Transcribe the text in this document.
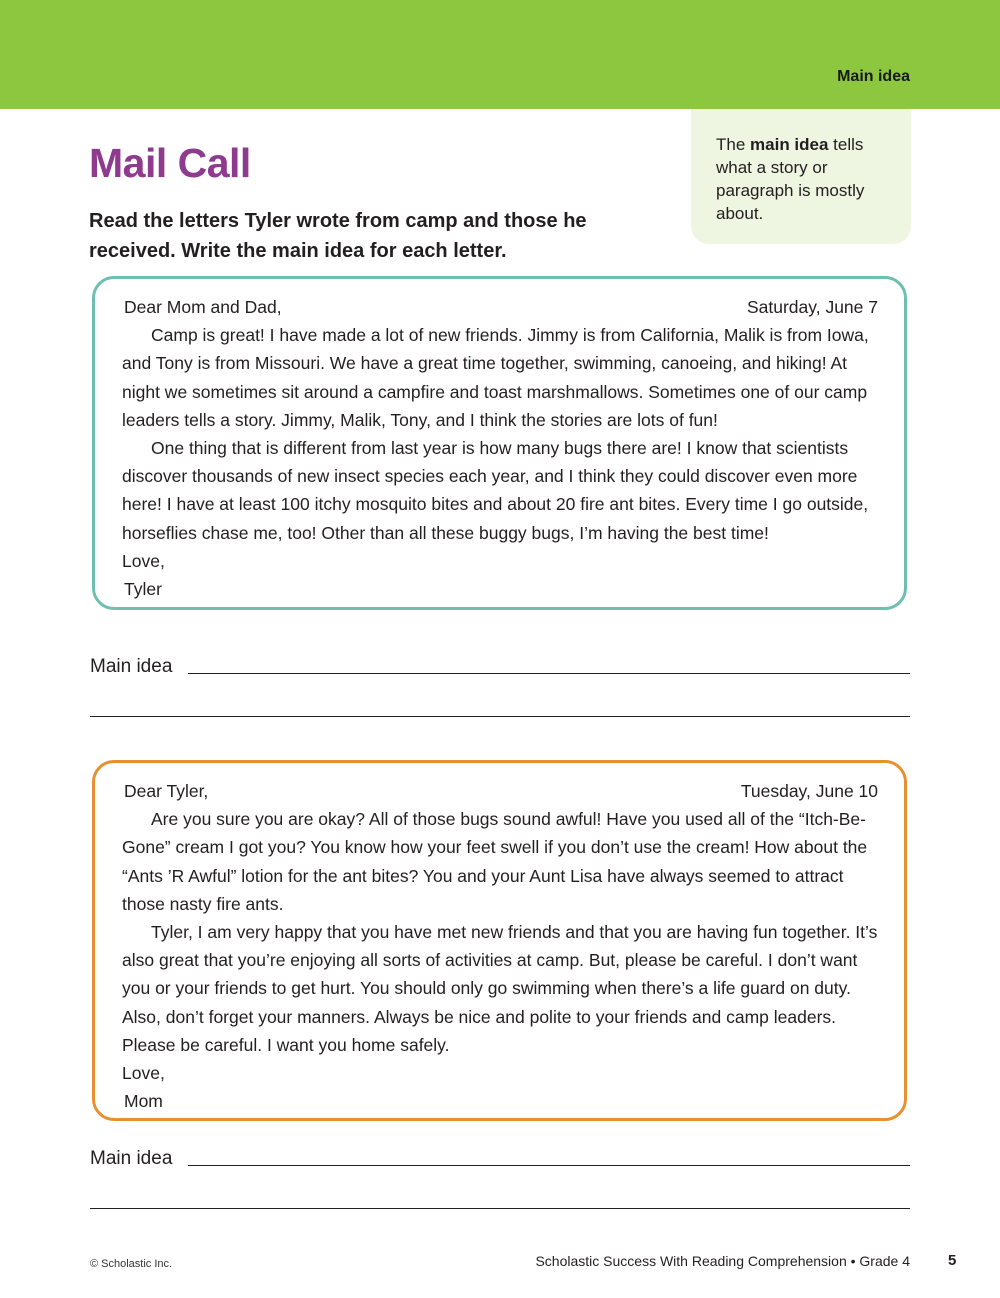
Main idea
The main idea tells what a story or paragraph is mostly about.
Mail Call
Read the letters Tyler wrote from camp and those he received. Write the main idea for each letter.
Dear Mom and Dad,	Saturday, June 7

Camp is great! I have made a lot of new friends. Jimmy is from California, Malik is from Iowa, and Tony is from Missouri. We have a great time together, swimming, canoeing, and hiking! At night we sometimes sit around a campfire and toast marshmallows. Sometimes one of our camp leaders tells a story. Jimmy, Malik, Tony, and I think the stories are lots of fun!

One thing that is different from last year is how many bugs there are! I know that scientists discover thousands of new insect species each year, and I think they could discover even more here! I have at least 100 itchy mosquito bites and about 20 fire ant bites. Every time I go outside, horseflies chase me, too! Other than all these buggy bugs, I’m having the best time!

Love,

Tyler

Main idea
Dear Tyler,	Tuesday, June 10

Are you sure you are okay? All of those bugs sound awful! Have you used all of the “Itch-Be-Gone” cream I got you? You know how your feet swell if you don’t use the cream! How about the “Ants ’R Awful” lotion for the ant bites? You and your Aunt Lisa have always seemed to attract those nasty fire ants.

Tyler, I am very happy that you have met new friends and that you are having fun together. It’s also great that you’re enjoying all sorts of activities at camp. But, please be careful. I don’t want you or your friends to get hurt. You should only go swimming when there’s a life guard on duty. Also, don’t forget your manners. Always be nice and polite to your friends and camp leaders. Please be careful. I want you home safely.

Love,

Mom

Main idea
© Scholastic Inc.	Scholastic Success With Reading Comprehension • Grade 4	5
